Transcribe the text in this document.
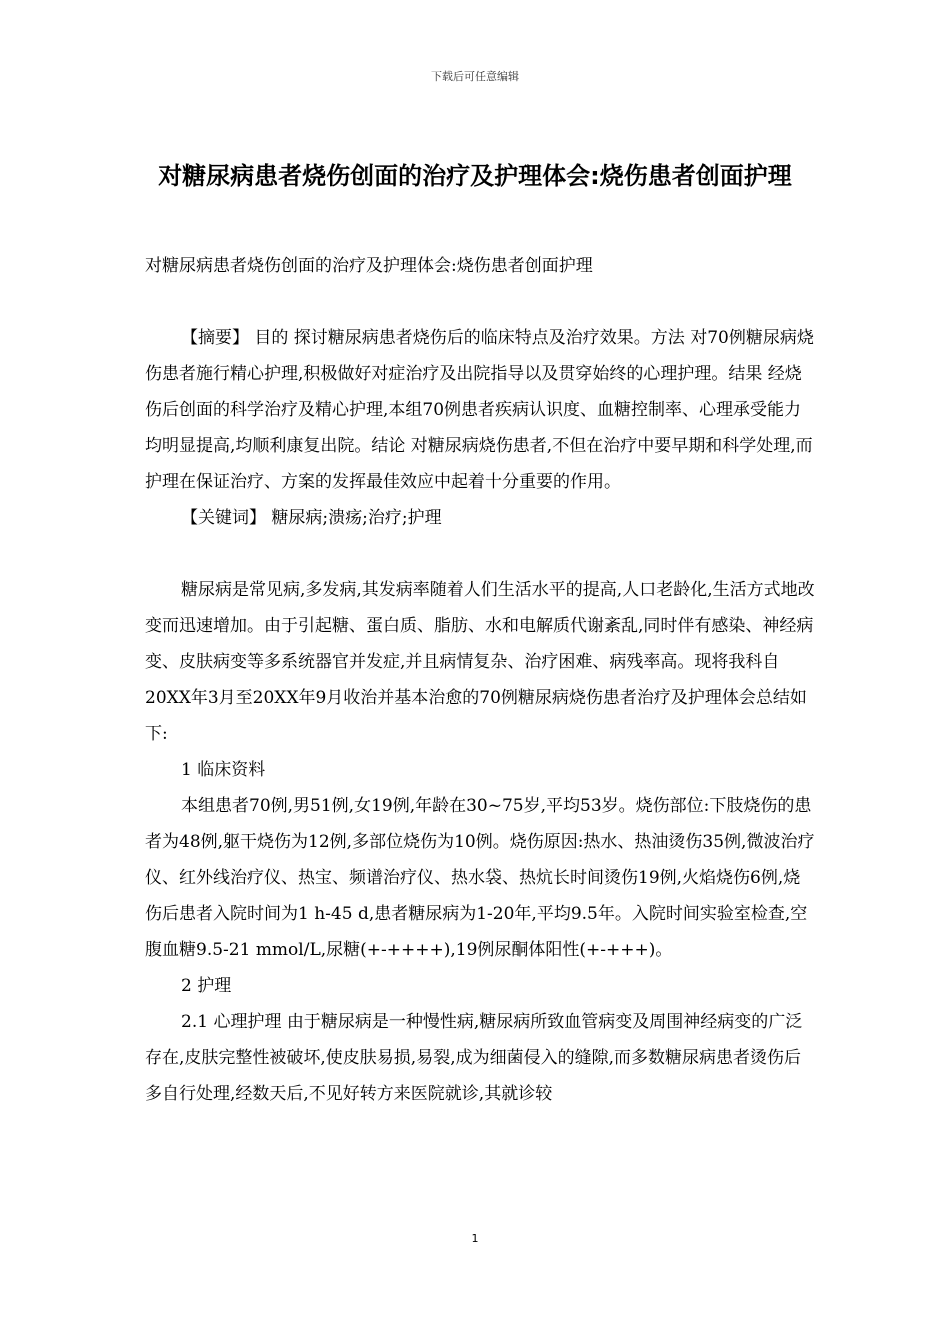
下载后可任意编辑
对糖尿病患者烧伤创面的治疗及护理体会:烧伤患者创面护理

对糖尿病患者烧伤创面的治疗及护理体会:烧伤患者创面护理

【摘要】 目的 探讨糖尿病患者烧伤后的临床特点及治疗效果。方法 对70例糖尿病烧伤患者施行精心护理,积极做好对症治疗及出院指导以及贯穿始终的心理护理。结果 经烧伤后创面的科学治疗及精心护理,本组70例患者疾病认识度、血糖控制率、心理承受能力均明显提高,均顺利康复出院。结论 对糖尿病烧伤患者,不但在治疗中要早期和科学处理,而护理在保证治疗、方案的发挥最佳效应中起着十分重要的作用。

【关键词】 糖尿病;溃疡;治疗;护理

糖尿病是常见病,多发病,其发病率随着人们生活水平的提高,人口老龄化,生活方式地改变而迅速增加。由于引起糖、蛋白质、脂肪、水和电解质代谢紊乱,同时伴有感染、神经病变、皮肤病变等多系统器官并发症,并且病情复杂、治疗困难、病残率高。现将我科自20XX年3月至20XX年9月收治并基本治愈的70例糖尿病烧伤患者治疗及护理体会总结如下:

1 临床资料

本组患者70例,男51例,女19例,年龄在30~75岁,平均53岁。烧伤部位:下肢烧伤的患者为48例,躯干烧伤为12例,多部位烧伤为10例。烧伤原因:热水、热油烫伤35例,微波治疗仪、红外线治疗仪、热宝、频谱治疗仪、热水袋、热炕长时间烫伤19例,火焰烧伤6例,烧伤后患者入院时间为1 h-45 d,患者糖尿病为1-20年,平均9.5年。入院时间实验室检查,空腹血糖9.5-21 mmol/L,尿糖(+-++++),19例尿酮体阳性(+-+++)。

2 护理

2.1 心理护理 由于糖尿病是一种慢性病,糖尿病所致血管病变及周围神经病变的广泛存在,皮肤完整性被破坏,使皮肤易损,易裂,成为细菌侵入的缝隙,而多数糖尿病患者烫伤后多自行处理,经数天后,不见好转方来医院就诊,其就诊较

1
